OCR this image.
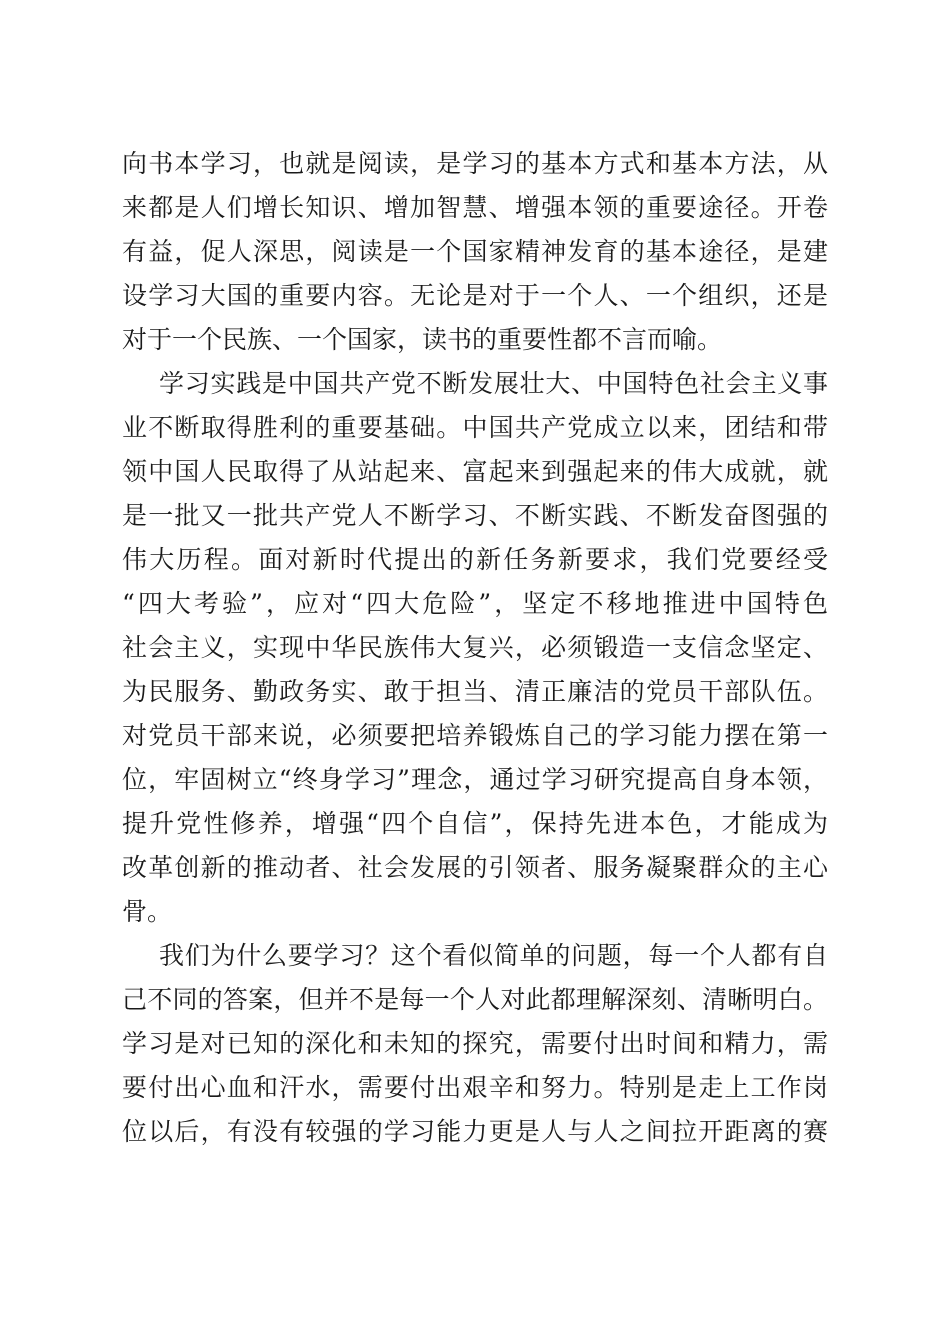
向书本学习，也就是阅读，是学习的基本方式和基本方法，从
来都是人们增长知识、增加智慧、增强本领的重要途径。开卷
有益，促人深思，阅读是一个国家精神发育的基本途径，是建
设学习大国的重要内容。无论是对于一个人、一个组织，还是
对于一个民族、一个国家，读书的重要性都不言而喻。
学习实践是中国共产党不断发展壮大、中国特色社会主义事
业不断取得胜利的重要基础。中国共产党成立以来，团结和带
领中国人民取得了从站起来、富起来到强起来的伟大成就，就
是一批又一批共产党人不断学习、不断实践、不断发奋图强的
伟大历程。面对新时代提出的新任务新要求，我们党要经受
“四大考验”，应对“四大危险”，坚定不移地推进中国特色
社会主义，实现中华民族伟大复兴，必须锻造一支信念坚定、
为民服务、勤政务实、敢于担当、清正廉洁的党员干部队伍。
对党员干部来说，必须要把培养锻炼自己的学习能力摆在第一
位，牢固树立“终身学习”理念，通过学习研究提高自身本领，
提升党性修养，增强“四个自信”，保持先进本色，才能成为
改革创新的推动者、社会发展的引领者、服务凝聚群众的主心
骨。
我们为什么要学习？这个看似简单的问题，每一个人都有自
己不同的答案，但并不是每一个人对此都理解深刻、清晰明白。
学习是对已知的深化和未知的探究，需要付出时间和精力，需
要付出心血和汗水，需要付出艰辛和努力。特别是走上工作岗
位以后，有没有较强的学习能力更是人与人之间拉开距离的赛
